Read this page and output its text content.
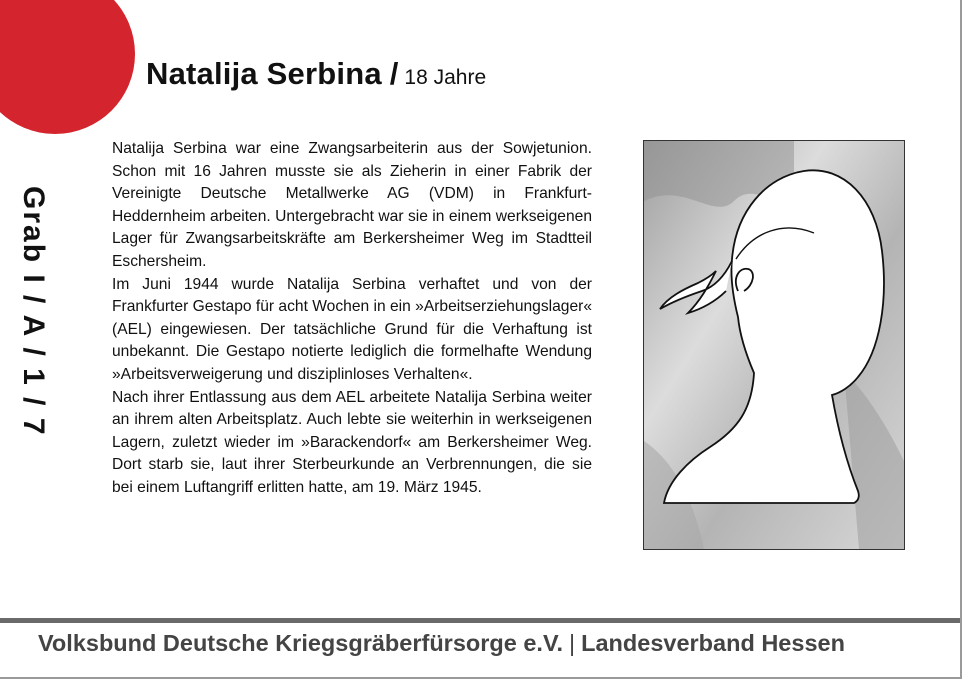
Natalija Serbina / 18 Jahre
Grab I / A / 1 / 7

Natalija Serbina war eine Zwangsarbeiterin aus der Sowjetunion. Schon mit 16 Jahren musste sie als Zieherin in einer Fabrik der Vereinigte Deutsche Metallwerke AG (VDM) in Frankfurt-Heddernheim arbeiten. Untergebracht war sie in einem werkseigenen Lager für Zwangsarbeitskräfte am Berkersheimer Weg im Stadtteil Eschersheim.

Im Juni 1944 wurde Natalija Serbina verhaftet und von der Frankfurter Gestapo für acht Wochen in ein »Arbeitserziehungslager« (AEL) eingewiesen. Der tatsächliche Grund für die Verhaftung ist unbekannt. Die Gestapo notierte lediglich die formelhafte Wendung »Arbeitsverweigerung und disziplinloses Verhalten«.

Nach ihrer Entlassung aus dem AEL arbeitete Natalija Serbina weiter an ihrem alten Arbeitsplatz. Auch lebte sie weiterhin in werkseigenen Lagern, zuletzt wieder im »Barackendorf« am Berkersheimer Weg. Dort starb sie, laut ihrer Sterbeurkunde an Verbrennungen, die sie bei einem Luftangriff erlitten hatte, am 19. März 1945.

Volksbund Deutsche Kriegsgräberfürsorge e.V. | Landesverband Hessen
